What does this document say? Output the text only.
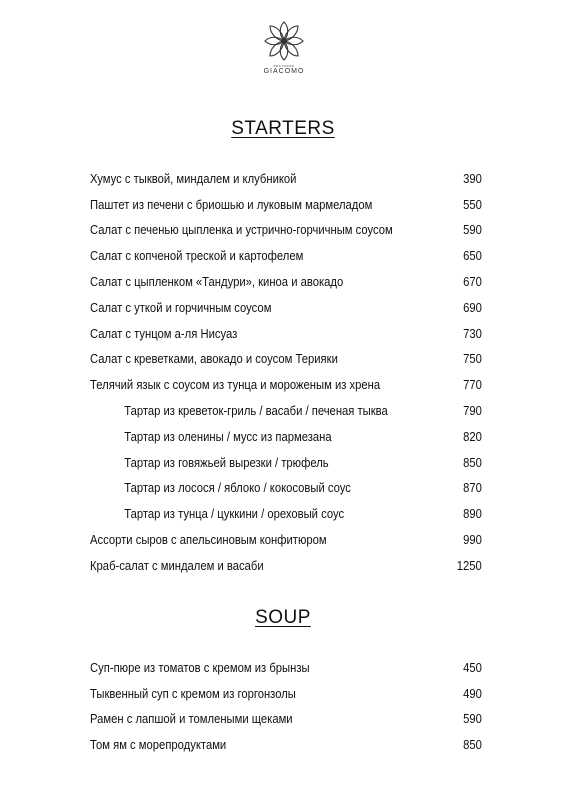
РЕСТОРАН
GIACOMO
STARTERS
Хумус с тыквой, миндалем и клубникой	390
Паштет из печени с бриошью и луковым мармеладом	550
Салат с печенью цыпленка и устрично-горчичным соусом	590
Салат с копченой треской и картофелем	650
Салат с цыпленком «Тандури», киноа и авокадо	670
Салат с уткой и горчичным соусом	690
Салат с тунцом а-ля Нисуаз	730
Салат с креветками, авокадо и соусом Терияки	750
Телячий язык с соусом из тунца и мороженым из хрена	770
Тартар из креветок-гриль / васаби / печеная тыква	790
Тартар из оленины / мусс из пармезана	820
Тартар из говяжьей вырезки / трюфель	850
Тартар из лосося / яблоко / кокосовый соус	870
Тартар из тунца / цуккини / ореховый соус	890
Ассорти сыров с апельсиновым конфитюром	990
Краб-салат с миндалем и васаби	1250
SOUP
Суп-пюре из томатов с кремом из брынзы	450
Тыквенный суп с кремом из горгонзолы	490
Рамен с лапшой и томлеными щеками	590
Том ям с морепродуктами	850
